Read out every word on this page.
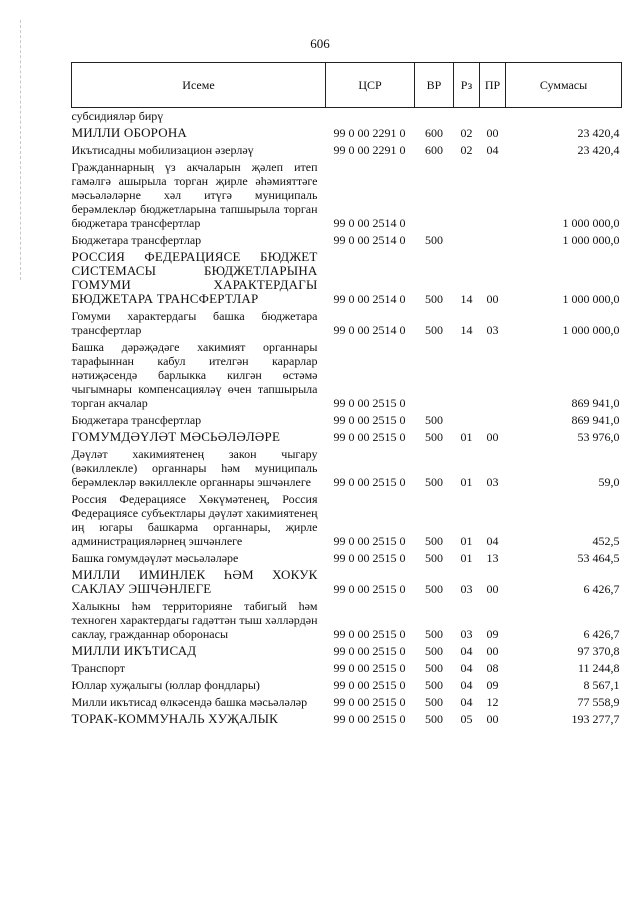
606
Исеме	ЦСР	ВР	Рз	ПР	Суммасы
субсидияләр бирү					
МИЛЛИ ОБОРОНА	99 0 00 2291 0	600	02	00	23 420,4
Икътисадны мобилизацион әзерләү	99 0 00 2291 0	600	02	04	23 420,4
Гражданнарның үз акчаларын җәлеп итеп гамәлгә ашырыла торган җирле әһәмияттәге мәсьәләләрне хәл итүгә муниципаль берәмлекләр бюджетларына тапшырыла торган бюджетара трансфертлар	99 0 00 2514 0				1 000 000,0
Бюджетара трансфертлар	99 0 00 2514 0	500			1 000 000,0
РОССИЯ ФЕДЕРАЦИЯСЕ БЮДЖЕТ СИСТЕМАСЫ БЮДЖЕТЛАРЫНА ГОМУМИ ХАРАКТЕРДАГЫ БЮДЖЕТАРА ТРАНСФЕРТЛАР	99 0 00 2514 0	500	14	00	1 000 000,0
Гомуми характердагы башка бюджетара трансфертлар	99 0 00 2514 0	500	14	03	1 000 000,0
Башка дәрәҗәдәге хакимият органнары тарафыннан кабул ителгән карарлар нәтиҗәсендә барлыкка килгән өстәмә чыгымнары компенсацияләү өчен тапшырыла торган акчалар	99 0 00 2515 0				869 941,0
Бюджетара трансфертлар	99 0 00 2515 0	500			869 941,0
ГОМУМДӘҮЛӘТ МӘСЬӘЛӘЛӘРЕ	99 0 00 2515 0	500	01	00	53 976,0
Дәүләт хакимиятенең закон чыгару (вәкиллекле) органнары һәм муниципаль берәмлекләр вәкиллекле органнары эшчәнлеге	99 0 00 2515 0	500	01	03	59,0
Россия Федерациясе Хөкүмәтенең, Россия Федерациясе субъектлары дәүләт хакимиятенең иң югары башкарма органнары, җирле администрацияләрнең эшчәнлеге	99 0 00 2515 0	500	01	04	452,5
Башка гомумдәүләт мәсьәләләре	99 0 00 2515 0	500	01	13	53 464,5
МИЛЛИ ИМИНЛЕК ҺӘМ ХОКУК САКЛАУ ЭШЧӘНЛЕГЕ	99 0 00 2515 0	500	03	00	6 426,7
Халыкны һәм территорияне табигый һәм техноген характердагы гадәттән тыш хәлләрдән саклау, гражданнар оборонасы	99 0 00 2515 0	500	03	09	6 426,7
МИЛЛИ ИКЪТИСАД	99 0 00 2515 0	500	04	00	97 370,8
Транспорт	99 0 00 2515 0	500	04	08	11 244,8
Юллар хуҗалыгы (юллар фондлары)	99 0 00 2515 0	500	04	09	8 567,1
Милли икътисад өлкәсендә башка мәсьәләләр	99 0 00 2515 0	500	04	12	77 558,9
ТОРАК-КОММУНАЛЬ ХУҖАЛЫК	99 0 00 2515 0	500	05	00	193 277,7
